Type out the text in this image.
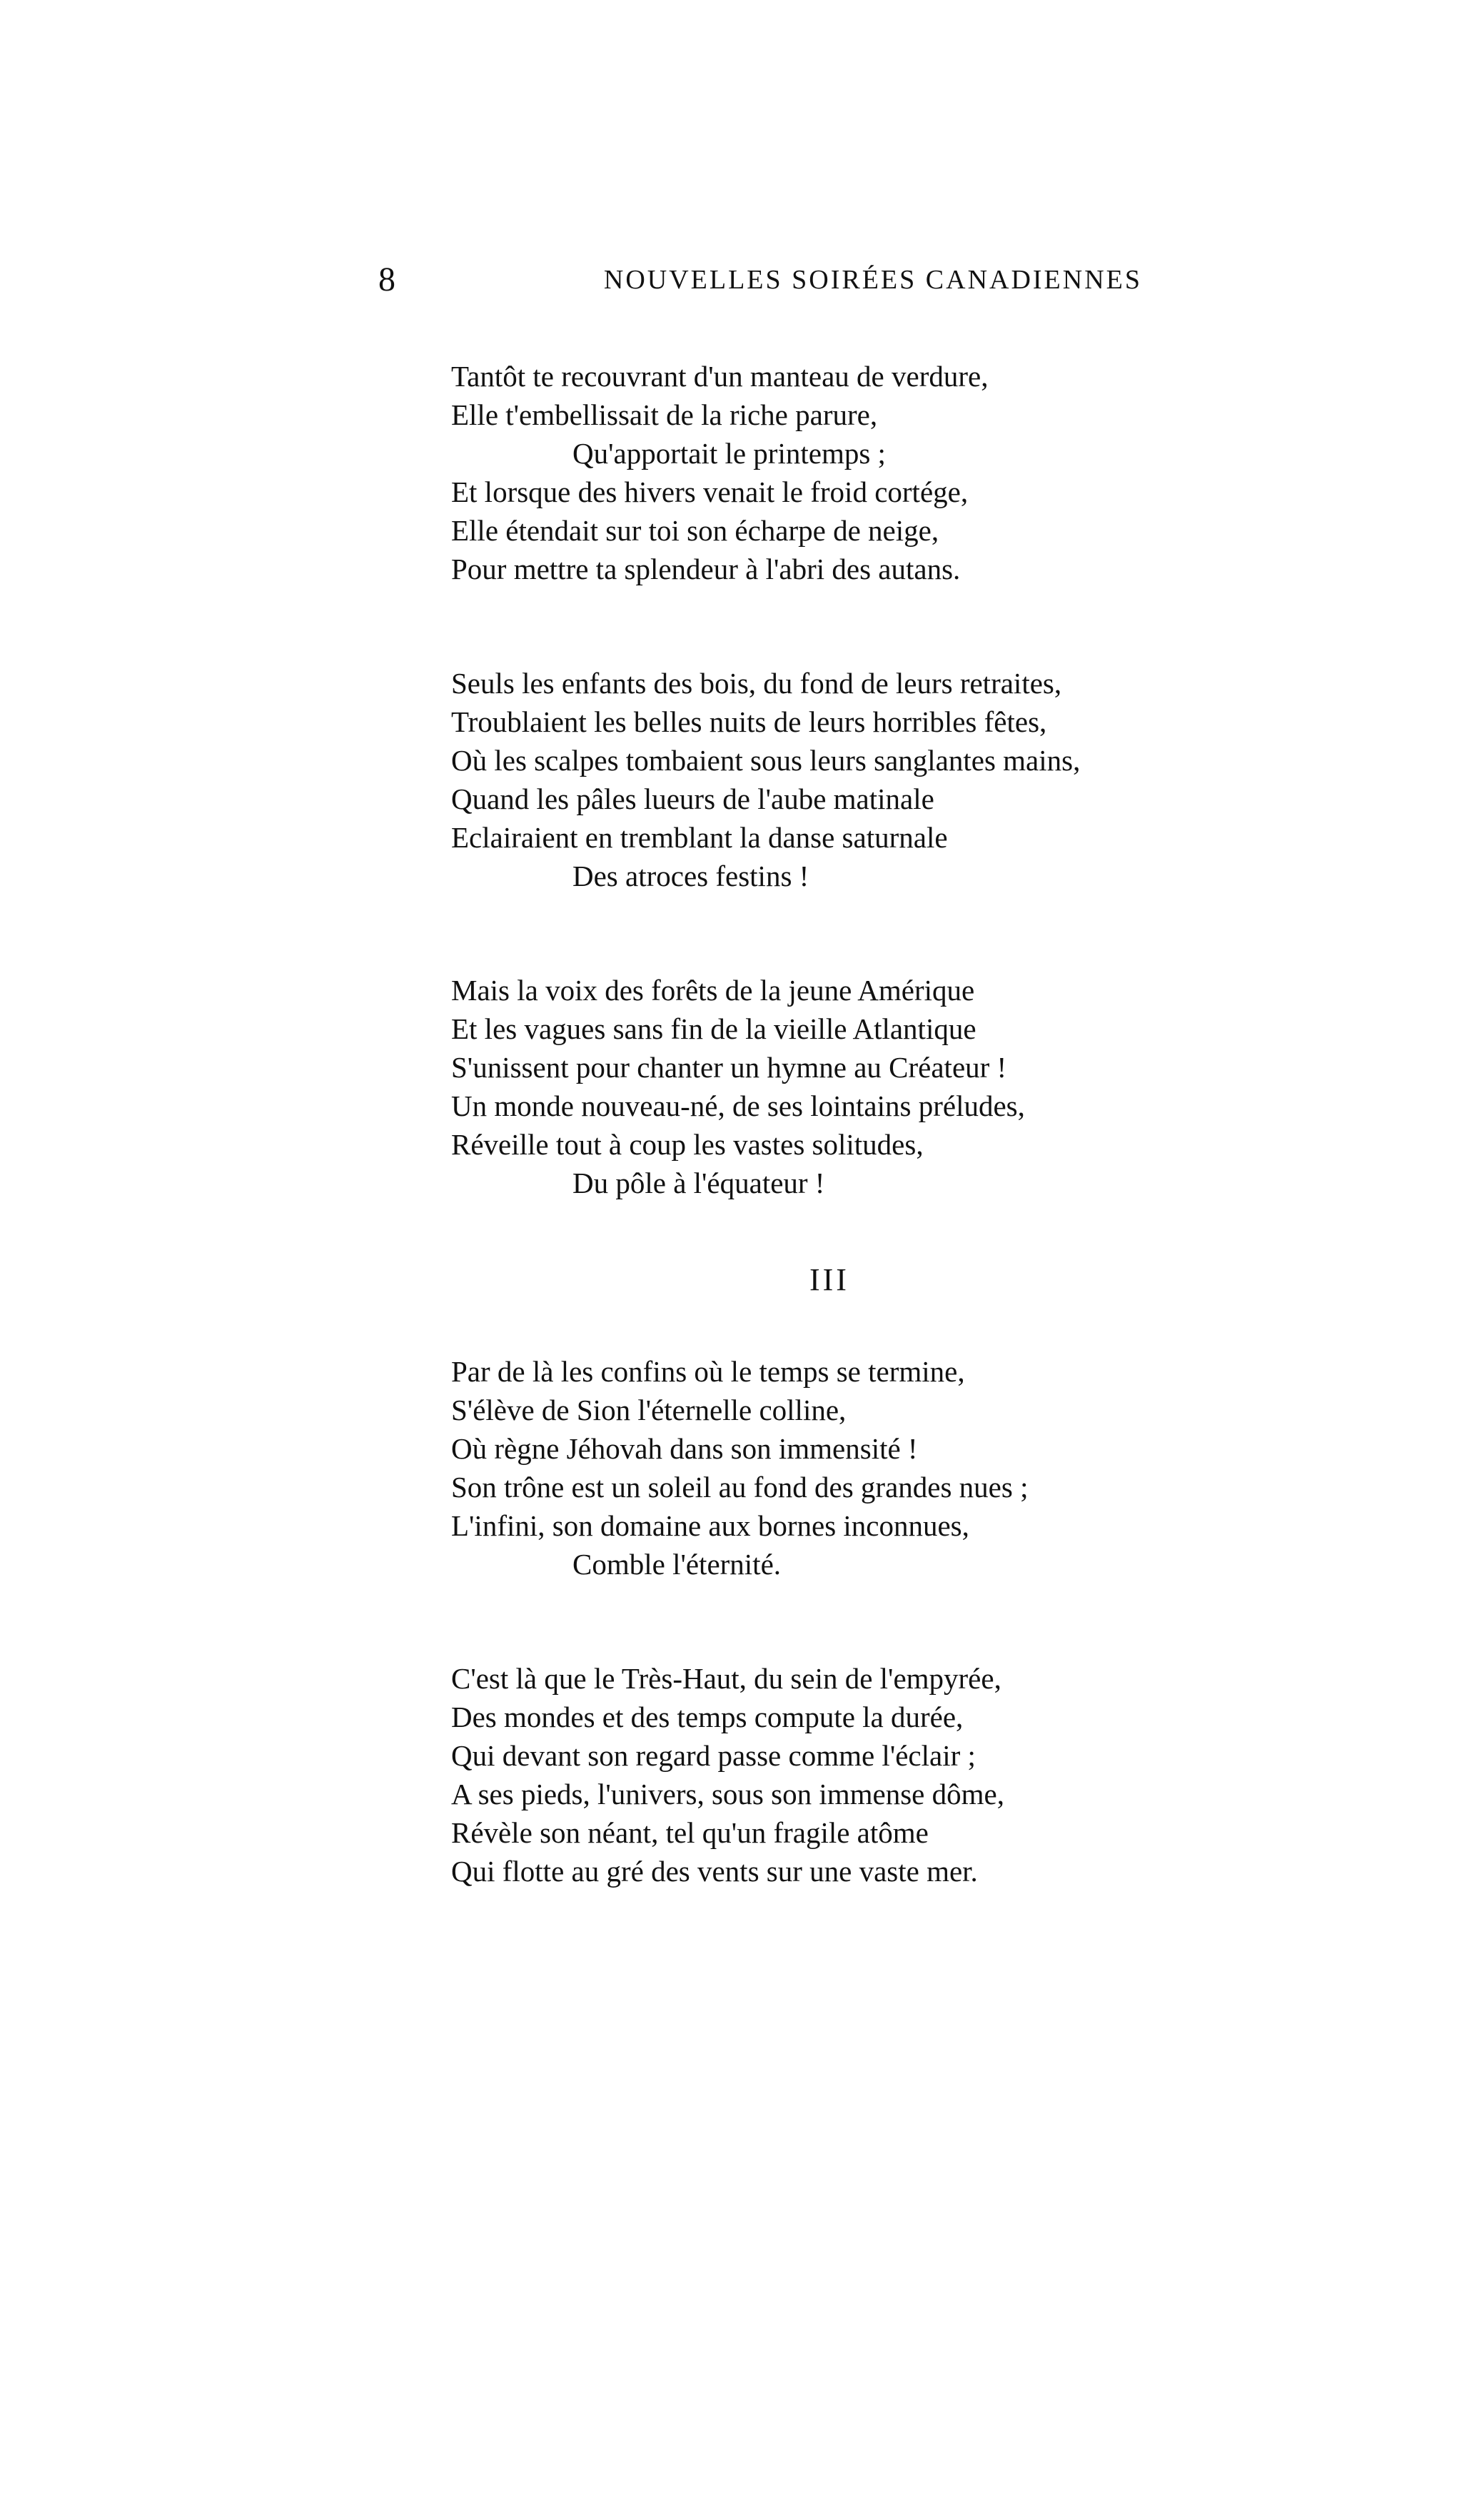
8	NOUVELLES SOIRÉES CANADIENNES
Tantôt te recouvrant d'un manteau de verdure,
Elle t'embellissait de la riche parure,
Qu'apportait le printemps ;
Et lorsque des hivers venait le froid cortége,
Elle étendait sur toi son écharpe de neige,
Pour mettre ta splendeur à l'abri des autans.
Seuls les enfants des bois, du fond de leurs retraites,
Troublaient les belles nuits de leurs horribles fêtes,
Où les scalpes tombaient sous leurs sanglantes mains,
Quand les pâles lueurs de l'aube matinale
Eclairaient en tremblant la danse saturnale
Des atroces festins !
Mais la voix des forêts de la jeune Amérique
Et les vagues sans fin de la vieille Atlantique
S'unissent pour chanter un hymne au Créateur !
Un monde nouveau-né, de ses lointains préludes,
Réveille tout à coup les vastes solitudes,
Du pôle à l'équateur !
III
Par de là les confins où le temps se termine,
S'élève de Sion l'éternelle colline,
Où règne Jéhovah dans son immensité !
Son trône est un soleil au fond des grandes nues ;
L'infini, son domaine aux bornes inconnues,
Comble l'éternité.
C'est là que le Très-Haut, du sein de l'empyrée,
Des mondes et des temps compute la durée,
Qui devant son regard passe comme l'éclair ;
A ses pieds, l'univers, sous son immense dôme,
Révèle son néant, tel qu'un fragile atôme
Qui flotte au gré des vents sur une vaste mer.
